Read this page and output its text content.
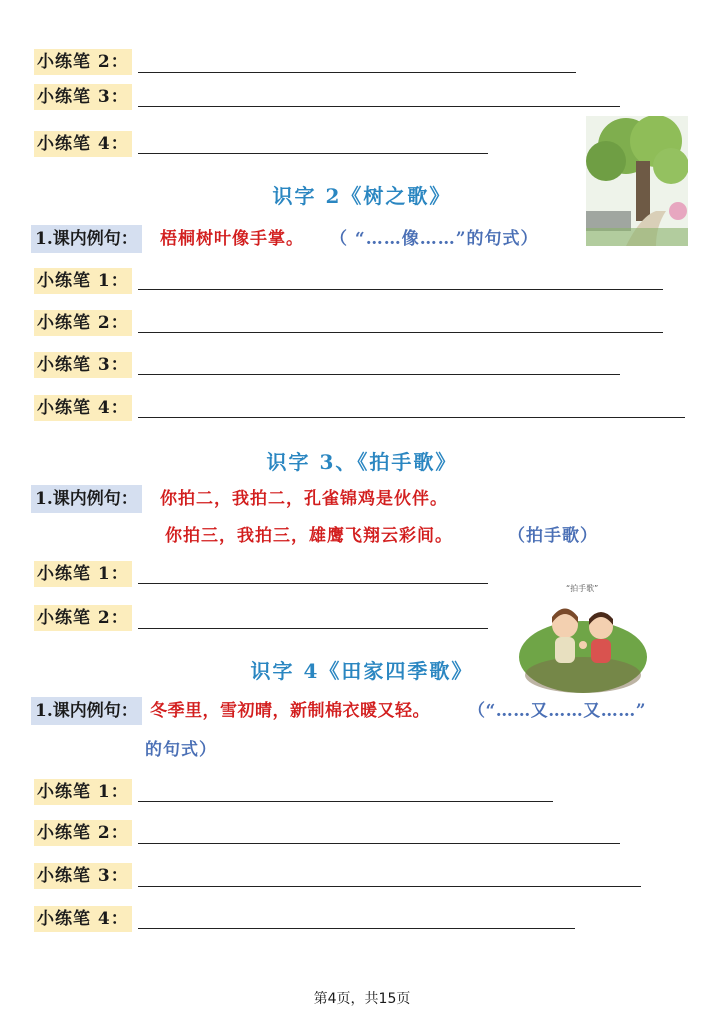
小练笔 2：
小练笔 3：
小练笔 4：
识字 2《树之歌》
1.课内例句： 梧桐树叶像手掌。 （ “……像……”的句式）
小练笔 1：
小练笔 2：
小练笔 3：
小练笔 4：
识字 3、《拍手歌》
1.课内例句： 你拍二，我拍二，孔雀锦鸡是伙伴。
你拍三，我拍三，雄鹰飞翔云彩间。	（拍手歌）
小练笔 1：
小练笔 2：
“拍手歌”
识字 4《田家四季歌》
1.课内例句： 冬季里，雪初晴，新制棉衣暖又轻。 （“……又……又……”
的句式）
小练笔 1：
小练笔 2：
小练笔 3：
小练笔 4：
第4页，共15页
